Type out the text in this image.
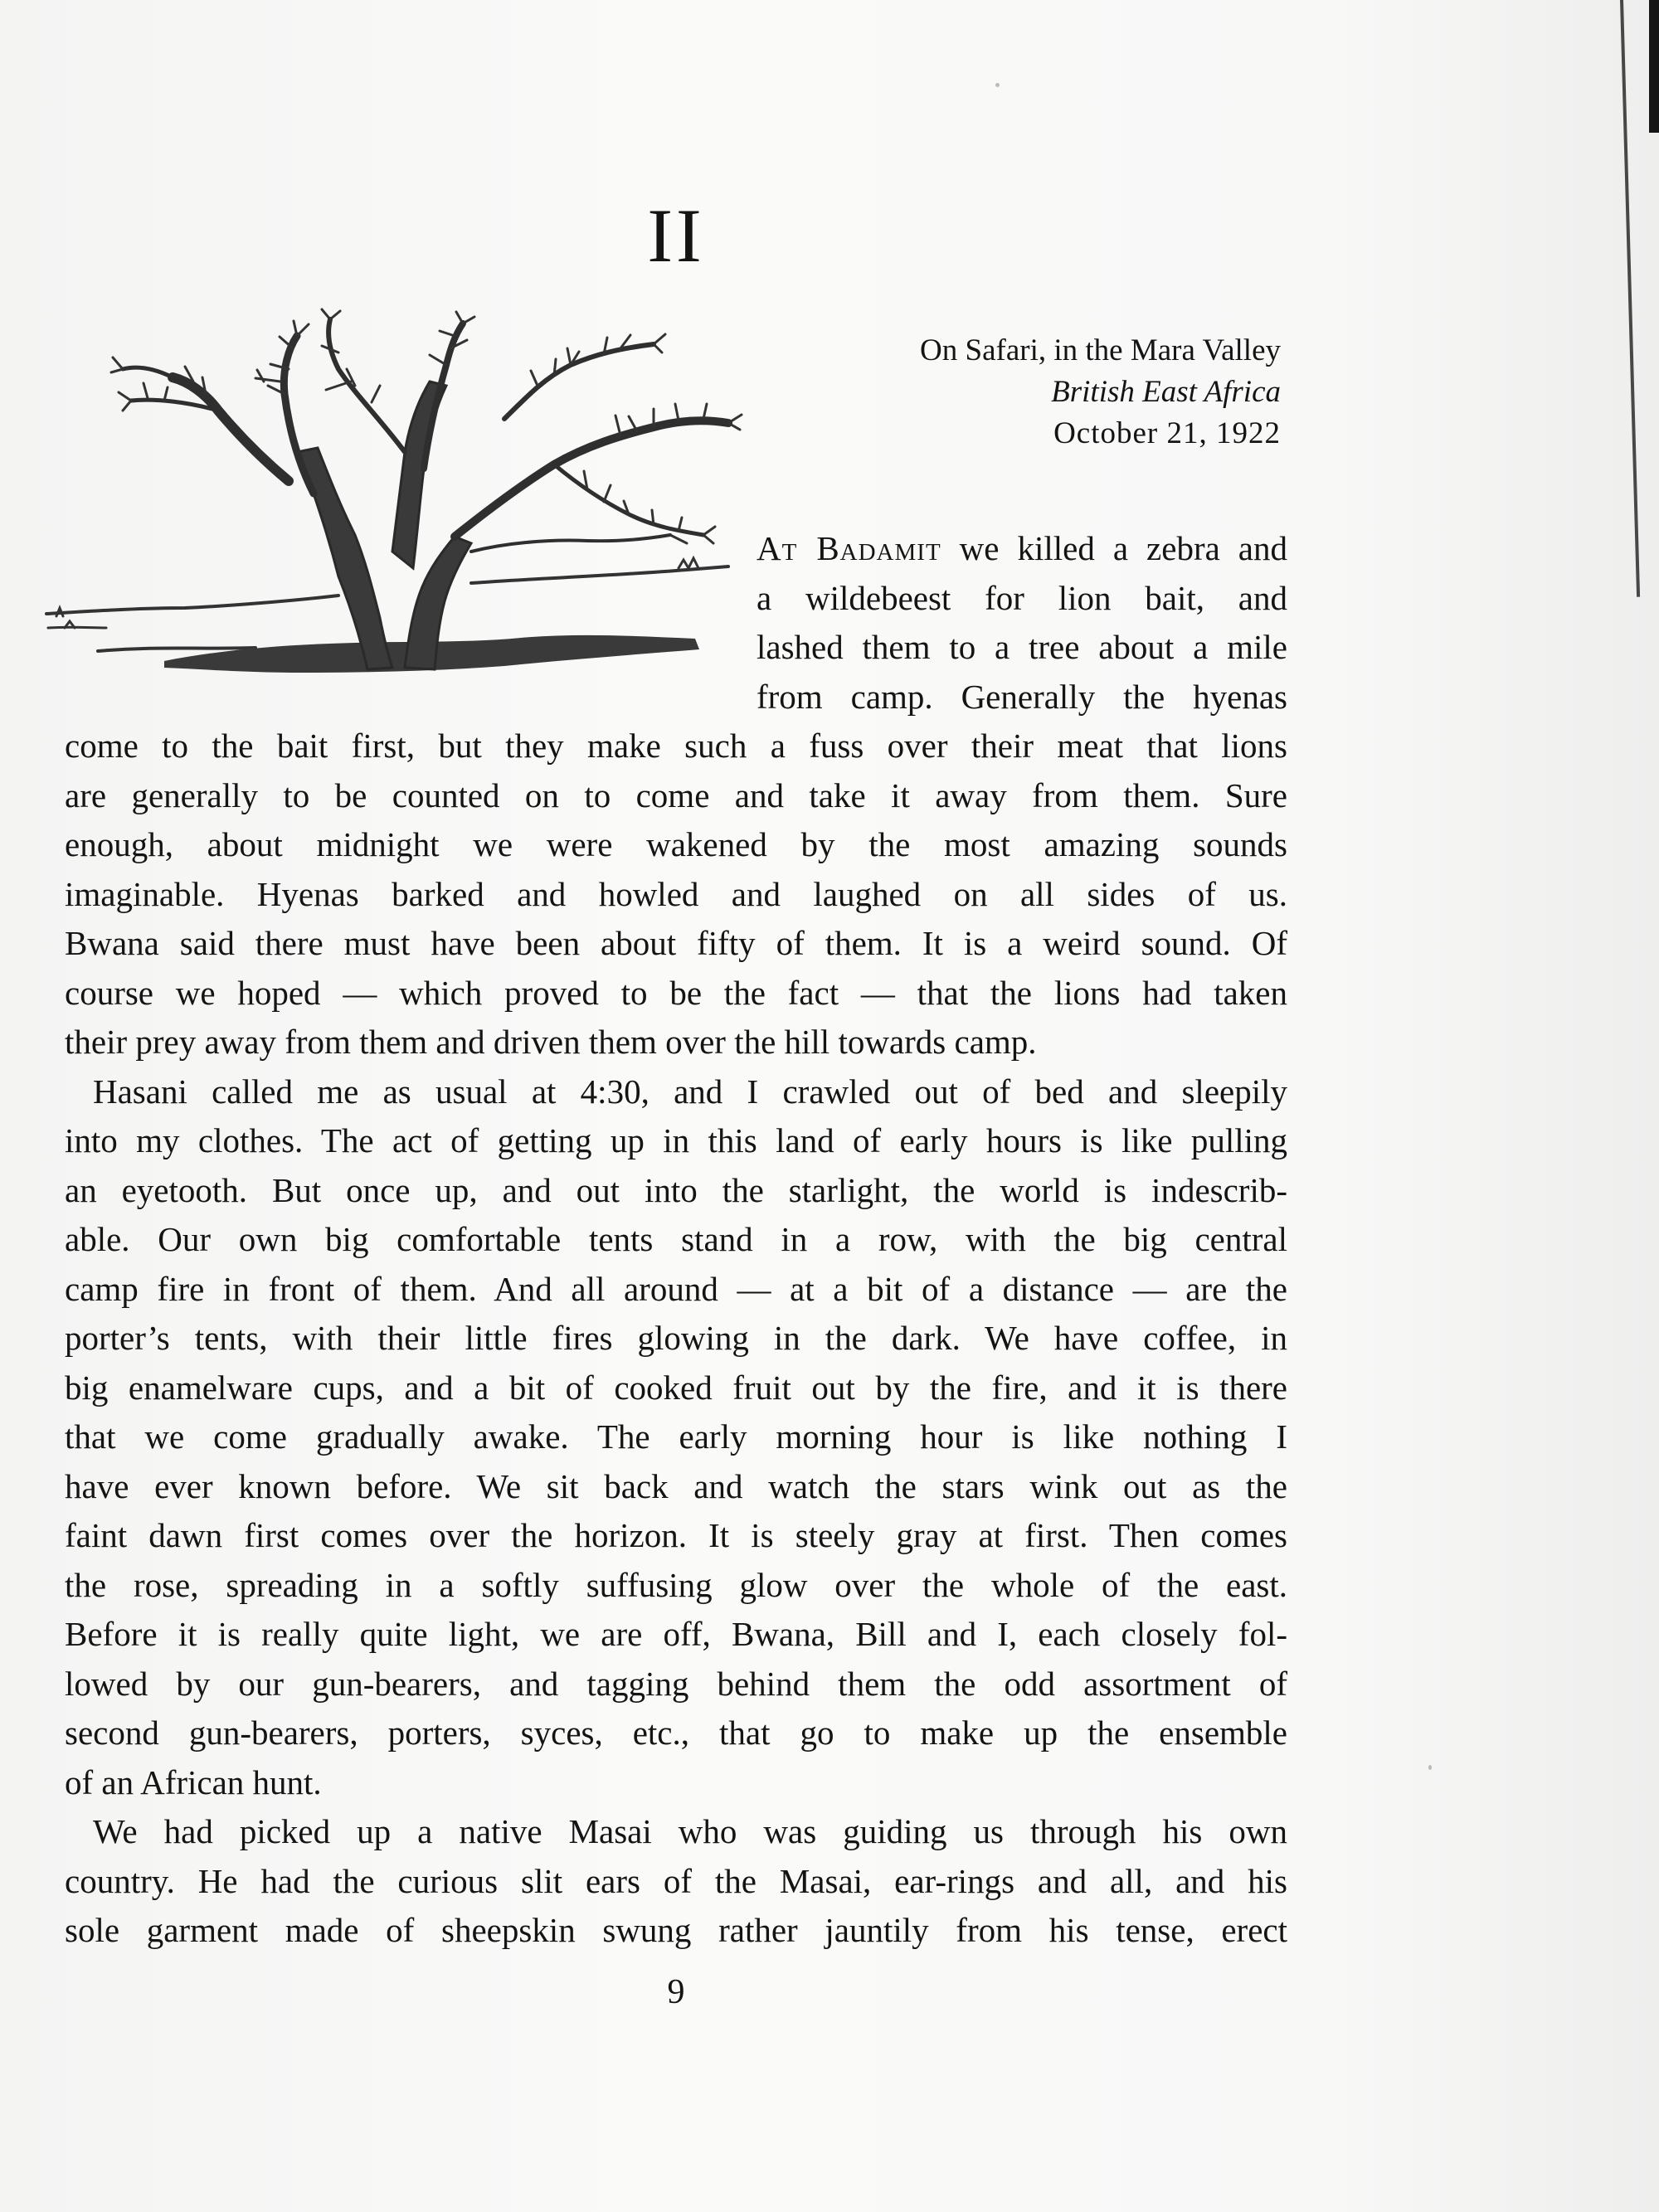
II
On Safari, in the Mara Valley
British East Africa
October 21, 1922
At Badamit we killed a zebra and
a wildebeest for lion bait, and
lashed them to a tree about a mile
from camp. Generally the hyenas
come to the bait first, but they make such a fuss over their meat that lions
are generally to be counted on to come and take it away from them. Sure
enough, about midnight we were wakened by the most amazing sounds
imaginable. Hyenas barked and howled and laughed on all sides of us.
Bwana said there must have been about fifty of them. It is a weird sound. Of
course we hoped — which proved to be the fact — that the lions had taken
their prey away from them and driven them over the hill towards camp.
Hasani called me as usual at 4:30, and I crawled out of bed and sleepily
into my clothes. The act of getting up in this land of early hours is like pulling
an eyetooth. But once up, and out into the starlight, the world is indescrib-
able. Our own big comfortable tents stand in a row, with the big central
camp fire in front of them. And all around — at a bit of a distance — are the
porter’s tents, with their little fires glowing in the dark. We have coffee, in
big enamelware cups, and a bit of cooked fruit out by the fire, and it is there
that we come gradually awake. The early morning hour is like nothing I
have ever known before. We sit back and watch the stars wink out as the
faint dawn first comes over the horizon. It is steely gray at first. Then comes
the rose, spreading in a softly suffusing glow over the whole of the east.
Before it is really quite light, we are off, Bwana, Bill and I, each closely fol-
lowed by our gun-bearers, and tagging behind them the odd assortment of
second gun-bearers, porters, syces, etc., that go to make up the ensemble
of an African hunt.
We had picked up a native Masai who was guiding us through his own
country. He had the curious slit ears of the Masai, ear-rings and all, and his
sole garment made of sheepskin swung rather jauntily from his tense, erect
9
